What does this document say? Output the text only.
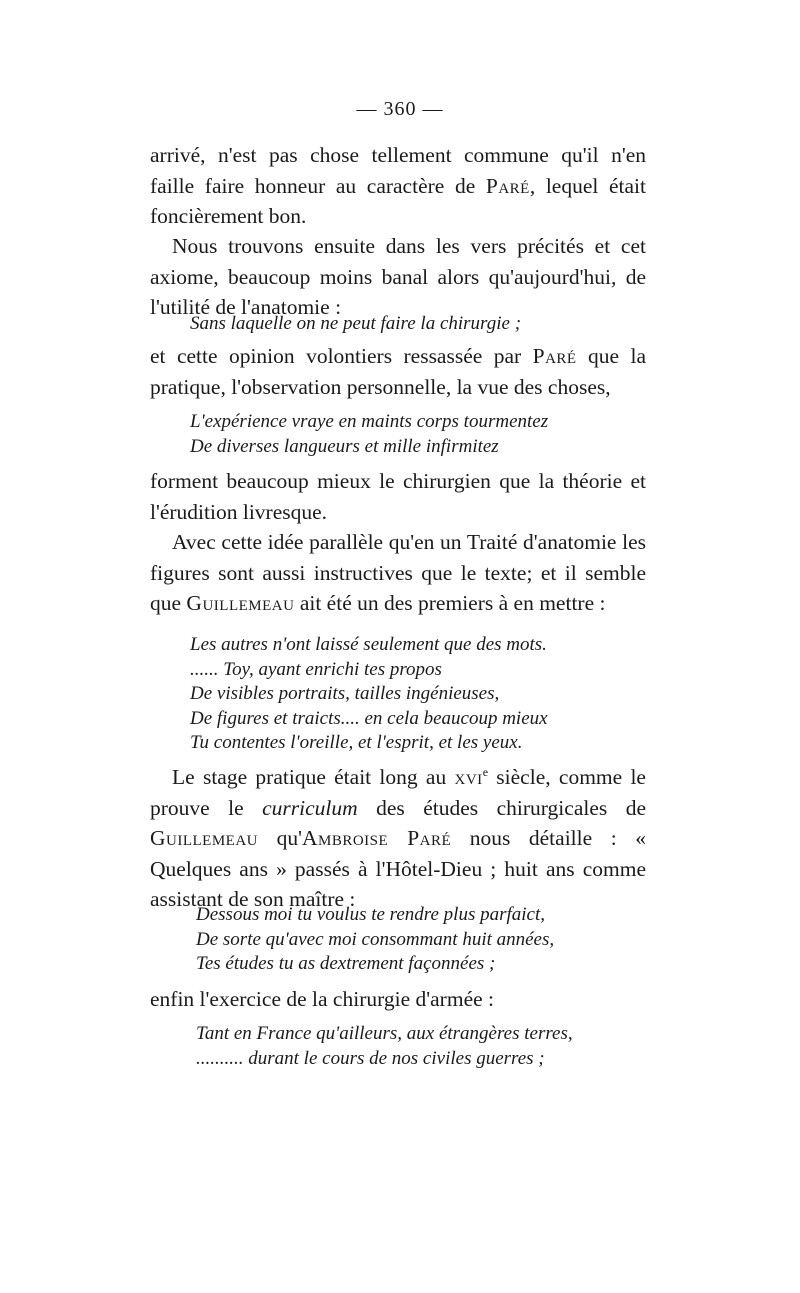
— 360 —

arrivé, n'est pas chose tellement commune qu'il n'en

faille faire honneur au caractère de Paré, lequel était

foncièrement bon.

Nous trouvons ensuite dans les vers précités et cet axiome, beaucoup moins banal alors qu'aujourd'hui, de l'utilité de l'anatomie :

Sans laquelle on ne peut faire la chirurgie ;

et cette opinion volontiers ressassée par Paré que la pratique, l'observation personnelle, la vue des choses,

L'expérience vraye en maints corps tourmentez
De diverses langueurs et mille infirmitez

forment beaucoup mieux le chirurgien que la théorie et l'érudition livresque.

Avec cette idée parallèle qu'en un Traité d'anatomie les figures sont aussi instructives que le texte; et il semble que Guillemeau ait été un des premiers à en mettre :

Les autres n'ont laissé seulement que des mots.
...... Toy, ayant enrichi tes propos
De visibles portraits, tailles ingénieuses,
De figures et traicts.... en cela beaucoup mieux
Tu contentes l'oreille, et l'esprit, et les yeux.

Le stage pratique était long au xvi$^e$ siècle, comme le prouve le curriculum des études chirurgicales de Guillemeau qu'Ambroise Paré nous détaille : « Quelques ans » passés à l'Hôtel-Dieu ; huit ans comme assistant de son maître :

Dessous moi tu voulus te rendre plus parfaict,
De sorte qu'avec moi consommant huit années,
Tes études tu as dextrement façonnées ;

enfin l'exercice de la chirurgie d'armée :

Tant en France qu'ailleurs, aux étrangères terres,
.......... durant le cours de nos civiles guerres ;
